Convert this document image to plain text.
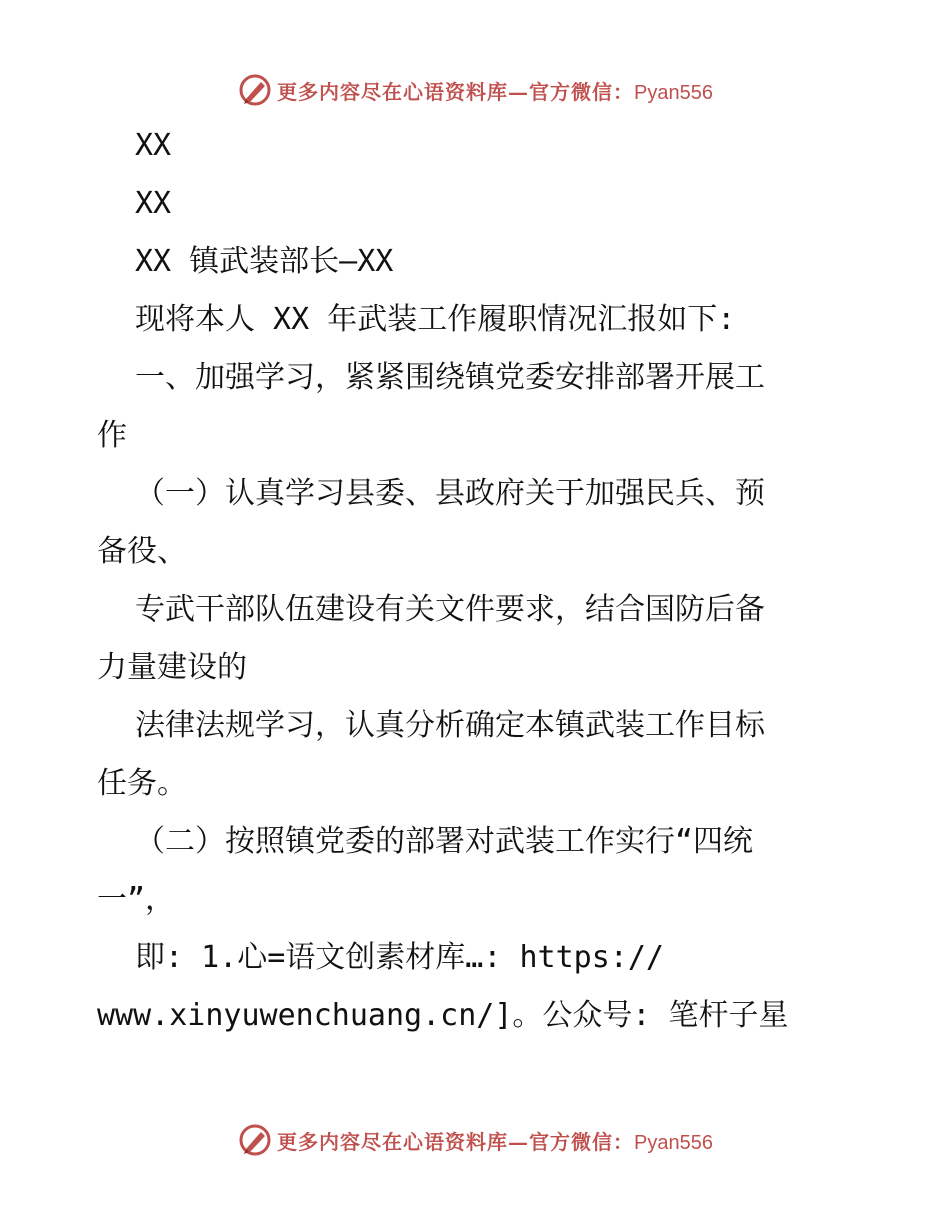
更多内容尽在心语资料库—官方微信：Pyan556
XX
XX
XX 镇武装部长—XX
现将本人 XX 年武装工作履职情况汇报如下:
一、加强学习，紧紧围绕镇党委安排部署开展工
作
（一）认真学习县委、县政府关于加强民兵、预
备役、
专武干部队伍建设有关文件要求，结合国防后备
力量建设的
法律法规学习，认真分析确定本镇武装工作目标
任务。
（二）按照镇党委的部署对武装工作实行“四统
一”，
即: 1.心=语文创素材库…: https://
www.xinyuwenchuang.cn/]。公众号: 笔杆子星
更多内容尽在心语资料库—官方微信：Pyan556
